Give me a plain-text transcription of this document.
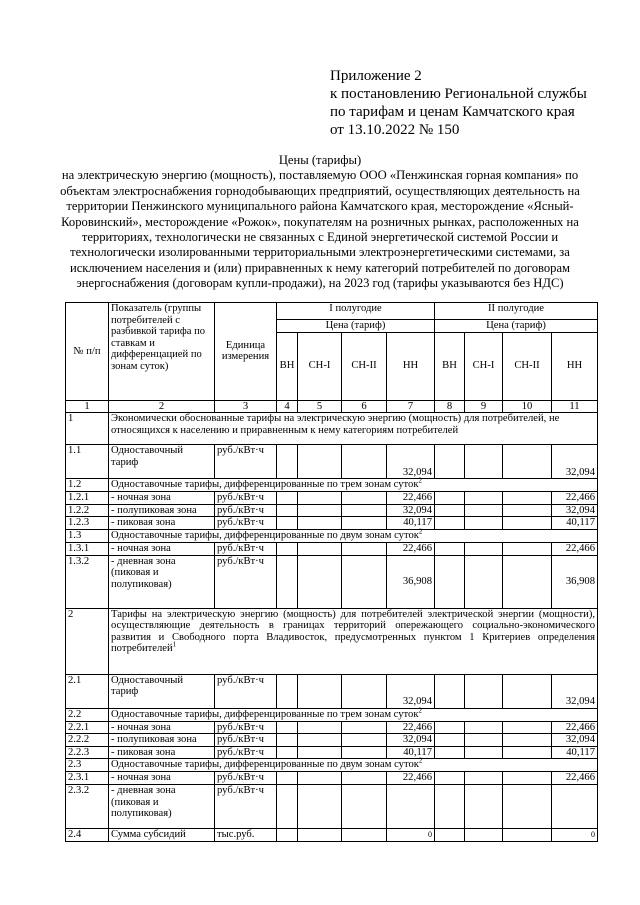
Приложение 2
к постановлению Региональной службы
по тарифам и ценам Камчатского края
от 13.10.2022 № 150
Цены (тарифы)
на электрическую энергию (мощность), поставляемую ООО «Пенжинская горная компания» по объектам электроснабжения горнодобывающих предприятий, осуществляющих деятельность на территории Пенжинского муниципального района Камчатского края, месторождение «Ясный-Коровинский», месторождение «Рожок», покупателям на розничных рынках, расположенных на территориях, технологически не связанных с Единой энергетической системой России и технологически изолированными территориальными электроэнергетическими системами, за исключением населения и (или) приравненных к нему категорий потребителей по договорам энергоснабжения (договорам купли-продажи), на 2023 год (тарифы указываются без НДС)
№ п/п	Показатель (группы потребителей с разбивкой тарифа по ставкам и дифференцацией по зонам суток)	Единица измерения	I полугодие				II полугодие			
			Цена (тариф)				Цена (тариф)			
			ВН	СН-I	СН-II	НН	ВН	СН-I	СН-II	НН
1	2	3	4	5	6	7	8	9	10	11
1	Экономически обоснованные тарифы на электрическую энергию (мощность) для потребителей, не относящихся к населению и приравненным к нему категориям потребителей									
1.1	Одноставочный тариф	руб./кВт·ч				32,094				32,094
1.2	Одноставочные тарифы, дифференцированные по трем зонам суток$^2$
1.2.1	- ночная зона	руб./кВт·ч				22,466				22,466
1.2.2	- полупиковая зона	руб./кВт·ч				32,094				32,094
1.2.3	- пиковая зона	руб./кВт·ч				40,117				40,117
1.3	Одноставочные тарифы, дифференцированные по двум зонам суток$^2$
1.3.1	- ночная зона	руб./кВт·ч				22,466				22,466
1.3.2	- дневная зона (пиковая и полупиковая)	руб./кВт·ч				36,908				36,908
2	Тарифы на электрическую энергию (мощность) для потребителей электрической энергии (мощности), осуществляющие деятельность в границах территорий опережающего социально-экономического развития и Свободного порта Владивосток, предусмотренных пунктом 1 Критериев определения потребителей$^1$
2.1	Одноставочный тариф	руб./кВт·ч				32,094				32,094
2.2	Одноставочные тарифы, дифференцированные по трем зонам суток$^2$
2.2.1	- ночная зона	руб./кВт·ч				22,466				22,466
2.2.2	- полупиковая зона	руб./кВт·ч				32,094				32,094
2.2.3	- пиковая зона	руб./кВт·ч				40,117				40,117
2.3	Одноставочные тарифы, дифференцированные по двум зонам суток$^2$
2.3.1	- ночная зона	руб./кВт·ч				22,466				22,466
2.3.2	- дневная зона (пиковая и полупиковая)	руб./кВт·ч								
2.4	Сумма субсидий	тыс.руб.				0				0
